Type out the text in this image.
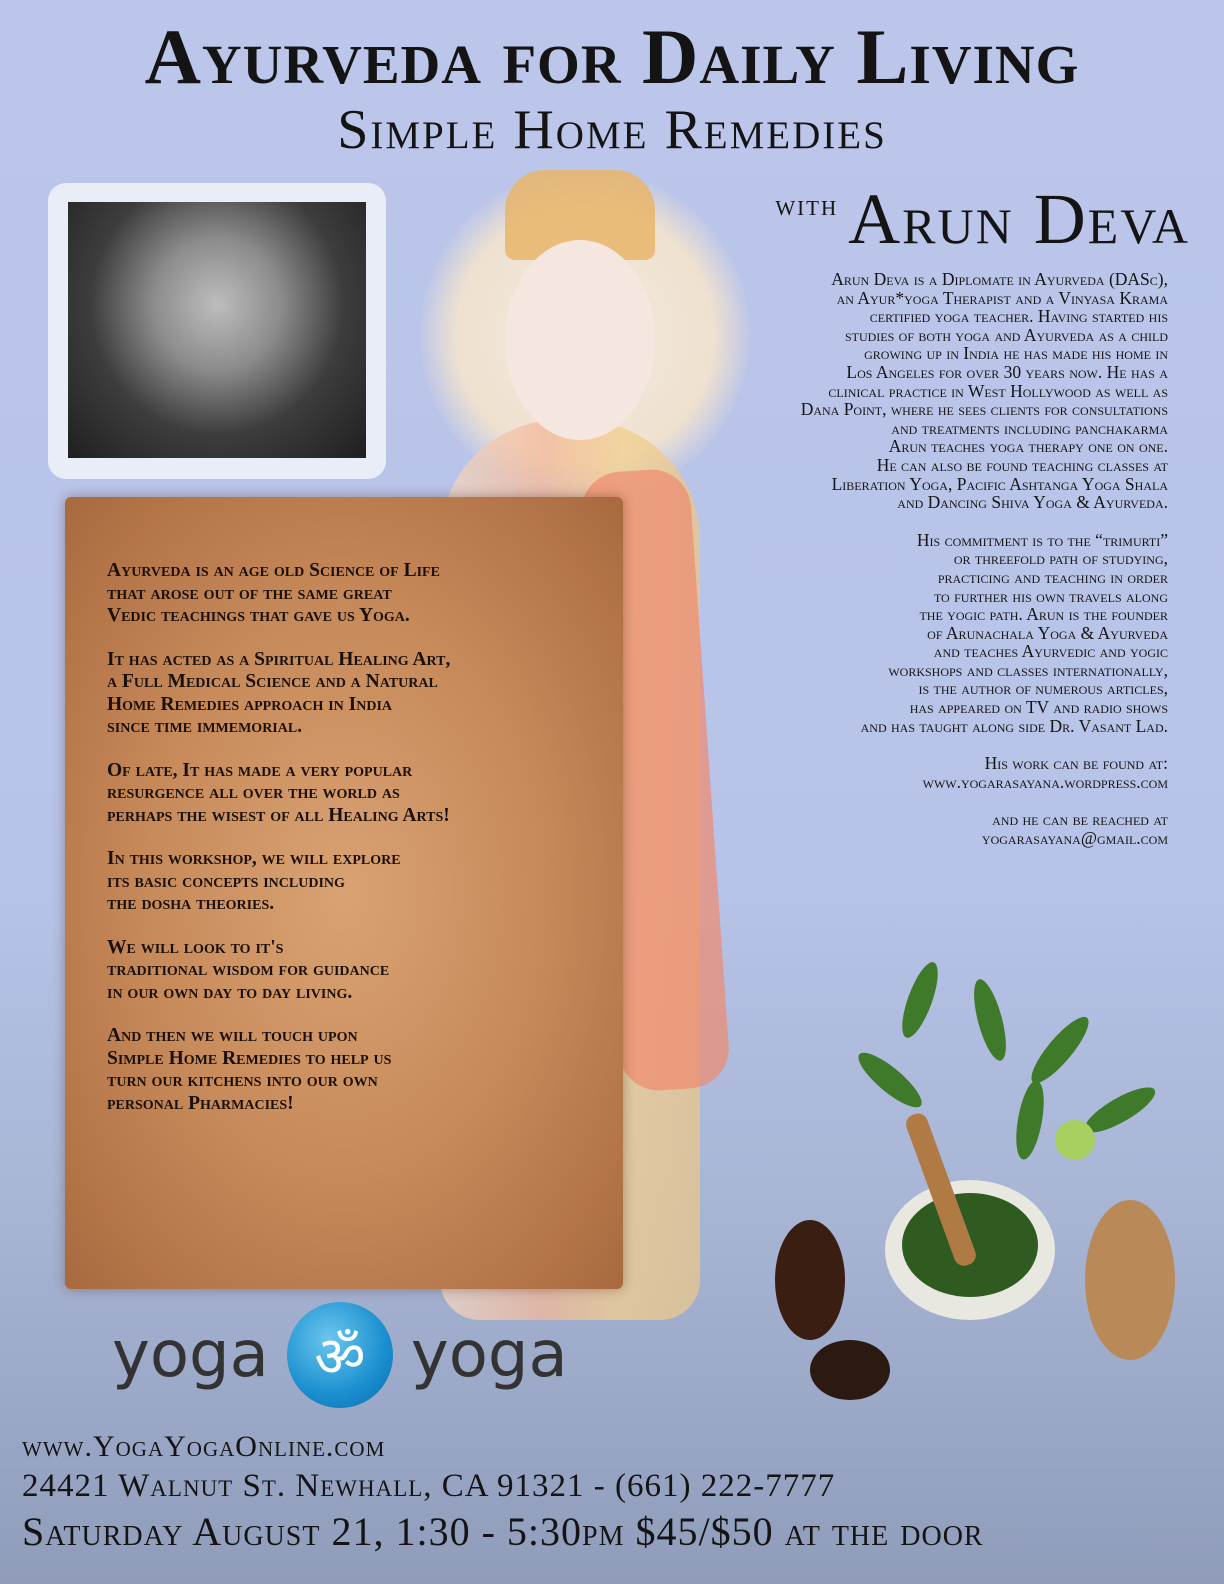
Ayurveda for Daily Living
Simple Home Remedies
$^{with}$ Arun Deva

Ayurveda is an age old Science of Life
that arose out of the same great
Vedic teachings that gave us Yoga.

It has acted as a Spiritual Healing Art,
a Full Medical Science and a Natural
Home Remedies approach in India
since time immemorial.

Of late, It has made a very popular
resurgence all over the world as
perhaps the wisest of all Healing Arts!

In this workshop, we will explore
its basic concepts including
the dosha theories.

We will look to it's
traditional wisdom for guidance
in our own day to day living.

And then we will touch upon
Simple Home Remedies to help us
turn our kitchens into our own
personal Pharmacies!

Arun Deva is a Diplomate in Ayurveda (DASc),
an Ayur*yoga Therapist and a Vinyasa Krama
certified yoga teacher. Having started his
studies of both yoga and Ayurveda as a child
growing up in India he has made his home in
Los Angeles for over 30 years now. He has a
clinical practice in West Hollywood as well as
Dana Point, where he sees clients for consultations
and treatments including panchakarma
Arun teaches yoga therapy one on one.
He can also be found teaching classes at
Liberation Yoga, Pacific Ashtanga Yoga Shala
and Dancing Shiva Yoga & Ayurveda.

His commitment is to the “trimurti”
or threefold path of studying,
practicing and teaching in order
to further his own travels along
the yogic path. Arun is the founder
of Arunachala Yoga & Ayurveda
and teaches Ayurvedic and yogic
workshops and classes internationally,
is the author of numerous articles,
has appeared on TV and radio shows
and has taught along side Dr. Vasant Lad.

His work can be found at:
www.yogarasayana.wordpress.com

and he can be reached at
yogarasayana@gmail.com

yoga ॐ yoga
www.YogaYogaOnline.com
24421 Walnut St. Newhall, CA 91321 - (661) 222-7777
Saturday August 21, 1:30 - 5:30pm $45/$50 at the door
